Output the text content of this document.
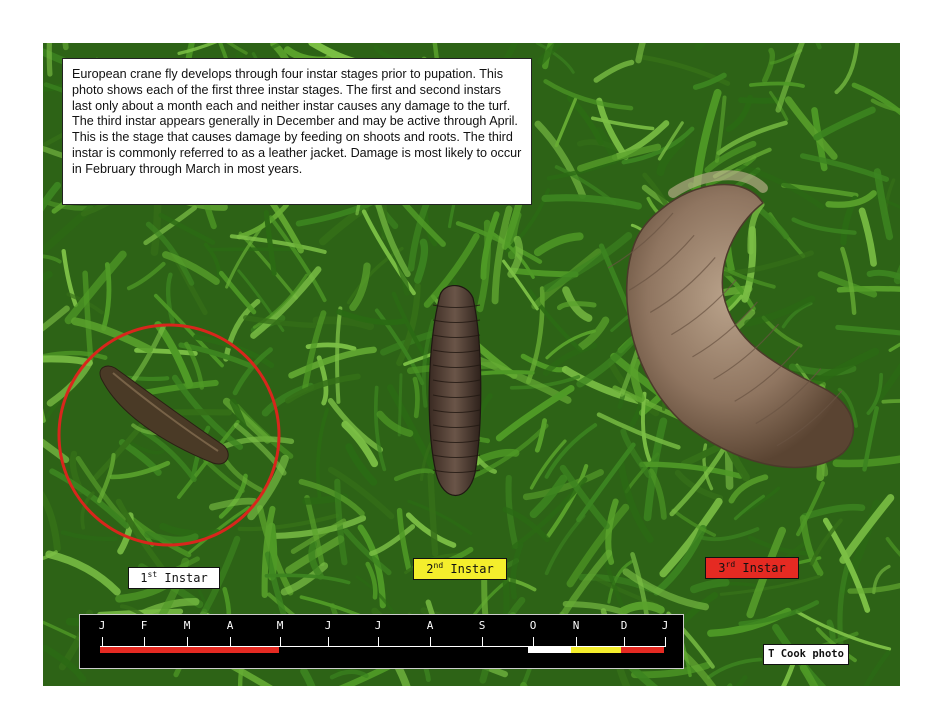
European crane fly develops through four instar stages prior to pupation. This photo shows each of the first three instar stages. The first and second instars last only about a month each and neither instar causes any damage to the turf. The third instar appears generally in December and may be active through April. This is the stage that causes damage by feeding on shoots and roots. The third instar is commonly referred to as a leather jacket. Damage is most likely to occur in February through March in most years.
1st Instar
2nd Instar	3rd Instar
J	F	M	A	M	J	J	A	S	O	N	D	J
T Cook photo
